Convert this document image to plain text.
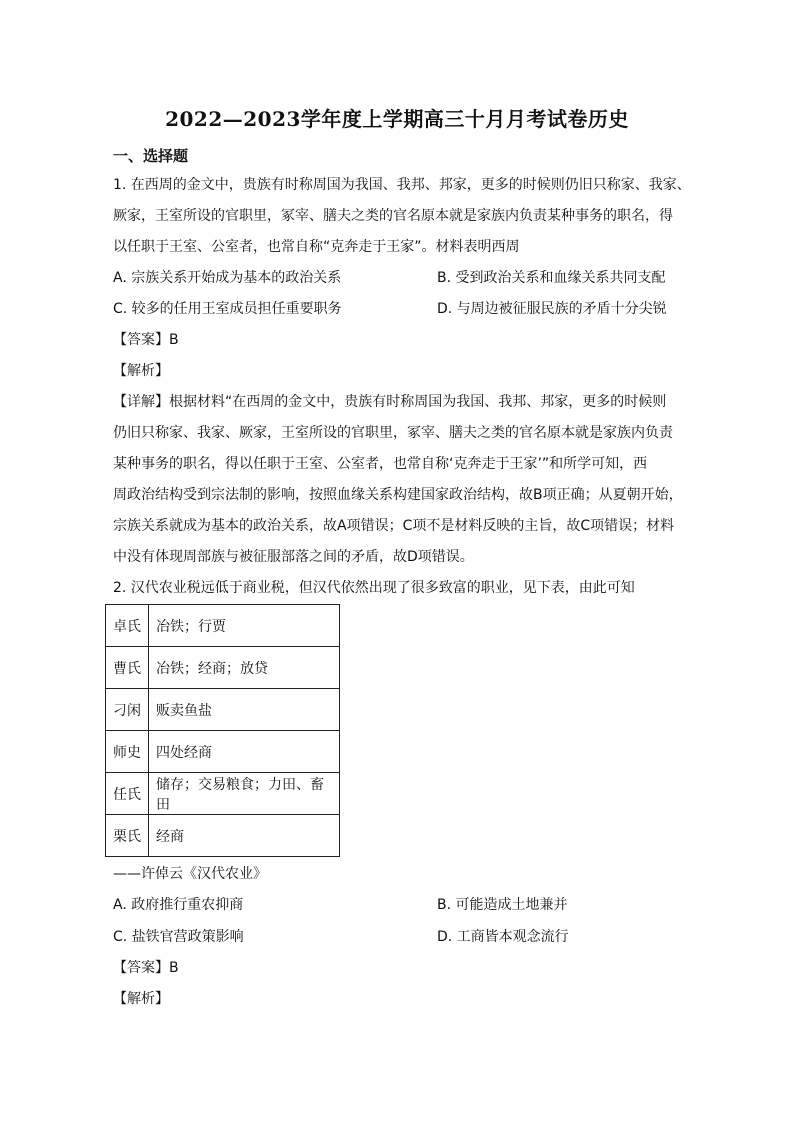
2022—2023学年度上学期高三十月月考试卷历史
一、选择题
1. 在西周的金文中，贵族有时称周国为我国、我邦、邦家，更多的时候则仍旧只称家、我家、
厥家，王室所设的官职里，冢宰、膳夫之类的官名原本就是家族内负责某种事务的职名，得
以任职于王室、公室者，也常自称“克奔走于王家”。材料表明西周
A. 宗族关系开始成为基本的政治关系	B. 受到政治关系和血缘关系共同支配
C. 较多的任用王室成员担任重要职务	D. 与周边被征服民族的矛盾十分尖锐
【答案】B
【解析】
【详解】根据材料“在西周的金文中，贵族有时称周国为我国、我邦、邦家，更多的时候则
仍旧只称家、我家、厥家，王室所设的官职里，冢宰、膳夫之类的官名原本就是家族内负责
某种事务的职名，得以任职于王室、公室者，也常自称‘克奔走于王家’”和所学可知，西
周政治结构受到宗法制的影响，按照血缘关系构建国家政治结构，故B项正确；从夏朝开始，
宗族关系就成为基本的政治关系，故A项错误；C项不是材料反映的主旨，故C项错误；材料
中没有体现周部族与被征服部落之间的矛盾，故D项错误。
2. 汉代农业税远低于商业税，但汉代依然出现了很多致富的职业，见下表，由此可知
卓氏	冶铁；行贾
曹氏	冶铁；经商；放贷
刁闲	贩卖鱼盐
师史	四处经商
任氏	储存；交易粮食；力田、畜田
栗氏	经商
——许倬云《汉代农业》
A. 政府推行重农抑商	B. 可能造成土地兼并
C. 盐铁官营政策影响	D. 工商皆本观念流行
【答案】B
【解析】
